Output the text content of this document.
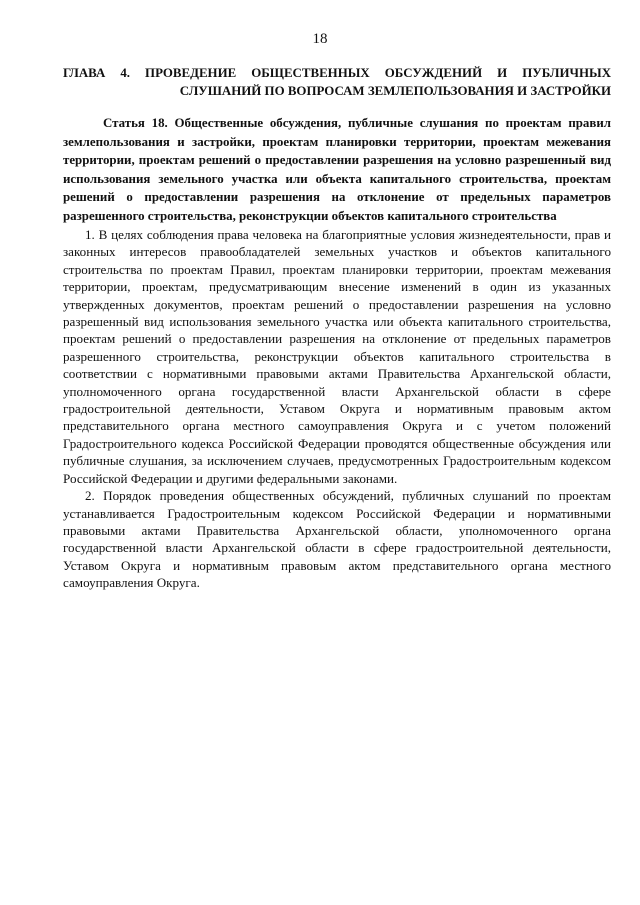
18
ГЛАВА 4. ПРОВЕДЕНИЕ ОБЩЕСТВЕННЫХ ОБСУЖДЕНИЙ И ПУБЛИЧНЫХ СЛУШАНИЙ ПО ВОПРОСАМ ЗЕМЛЕПОЛЬЗОВАНИЯ И ЗАСТРОЙКИ
Статья 18. Общественные обсуждения, публичные слушания по проектам правил землепользования и застройки, проектам планировки территории, проектам межевания территории, проектам решений о предоставлении разрешения на условно разрешенный вид использования земельного участка или объекта капитального строительства, проектам решений о предоставлении разрешения на отклонение от предельных параметров разрешенного строительства, реконструкции объектов капитального строительства

1. В целях соблюдения права человека на благоприятные условия жизнедеятельности, прав и законных интересов правообладателей земельных участков и объектов капитального строительства по проектам Правил, проектам планировки территории, проектам межевания территории, проектам, предусматривающим внесение изменений в один из указанных утвержденных документов, проектам решений о предоставлении разрешения на условно разрешенный вид использования земельного участка или объекта капитального строительства, проектам решений о предоставлении разрешения на отклонение от предельных параметров разрешенного строительства, реконструкции объектов капитального строительства в соответствии с нормативными правовыми актами Правительства Архангельской области, уполномоченного органа государственной власти Архангельской области в сфере градостроительной деятельности, Уставом Округа и нормативным правовым актом представительного органа местного самоуправления Округа и с учетом положений Градостроительного кодекса Российской Федерации проводятся общественные обсуждения или публичные слушания, за исключением случаев, предусмотренных Градостроительным кодексом Российской Федерации и другими федеральными законами.

2. Порядок проведения общественных обсуждений, публичных слушаний по проектам устанавливается Градостроительным кодексом Российской Федерации и нормативными правовыми актами Правительства Архангельской области, уполномоченного органа государственной власти Архангельской области в сфере градостроительной деятельности, Уставом Округа и нормативным правовым актом представительного органа местного самоуправления Округа.
